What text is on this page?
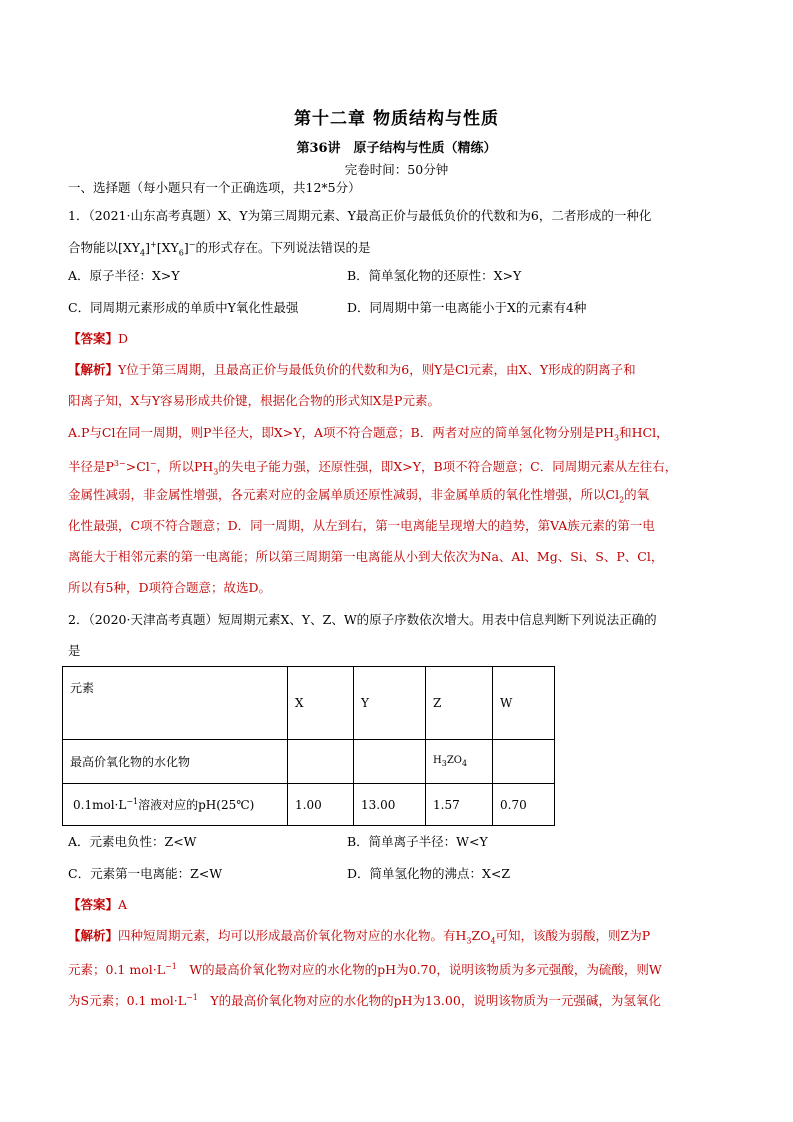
第十二章 物质结构与性质
第36讲　原子结构与性质（精练）
完卷时间：50分钟
一、选择题（每小题只有一个正确选项，共12*5分）
1．（2021·山东高考真题）X、Y为第三周期元素、Y最高正价与最低负价的代数和为6，二者形成的一种化
合物能以$[XY_4]^+[XY_6]^-$的形式存在。下列说法错误的是
A．原子半径：X>Y	B．简单氢化物的还原性：X>Y
C．同周期元素形成的单质中Y氧化性最强	D．同周期中第一电离能小于X的元素有4种
【答案】D
【解析】Y位于第三周期，且最高正价与最低负价的代数和为6，则Y是Cl元素，由X、Y形成的阴离子和
阳离子知，X与Y容易形成共价键，根据化合物的形式知X是P元素。
A.P与Cl在同一周期，则P半径大，即X>Y，A项不符合题意；B．两者对应的简单氢化物分别是$PH_3$和HCl，
半径是$P^{3-}>Cl^-$，所以$PH_3$的失电子能力强，还原性强，即X>Y，B项不符合题意；C．同周期元素从左往右，
金属性减弱，非金属性增强，各元素对应的金属单质还原性减弱，非金属单质的氧化性增强，所以$Cl_2$的氧
化性最强，C项不符合题意；D．同一周期，从左到右，第一电离能呈现增大的趋势，第VA族元素的第一电
离能大于相邻元素的第一电离能；所以第三周期第一电离能从小到大依次为Na、Al、Mg、Si、S、P、Cl，
所以有5种，D项符合题意；故选D。
2．（2020·天津高考真题）短周期元素X、Y、Z、W的原子序数依次增大。用表中信息判断下列说法正确的
是
元素	X	Y	Z	W
最高价氧化物的水化物			$H_3ZO_4$	
$0.1mol\cdot L^{-1}$溶液对应的pH(25℃)	1.00	13.00	1.57	0.70
A．元素电负性：Z<W	B．简单离子半径：W<Y
C．元素第一电离能：Z<W	D．简单氢化物的沸点：X<Z
【答案】A
【解析】四种短周期元素，均可以形成最高价氧化物对应的水化物。有$H_3ZO_4$可知，该酸为弱酸，则Z为P
元素；0.1 $mol\cdot L^{-1}$　W的最高价氧化物对应的水化物的pH为0.70，说明该物质为多元强酸，为硫酸，则W
为S元素；0.1 $mol\cdot L^{-1}$　Y的最高价氧化物对应的水化物的pH为13.00，说明该物质为一元强碱，为氢氧化
